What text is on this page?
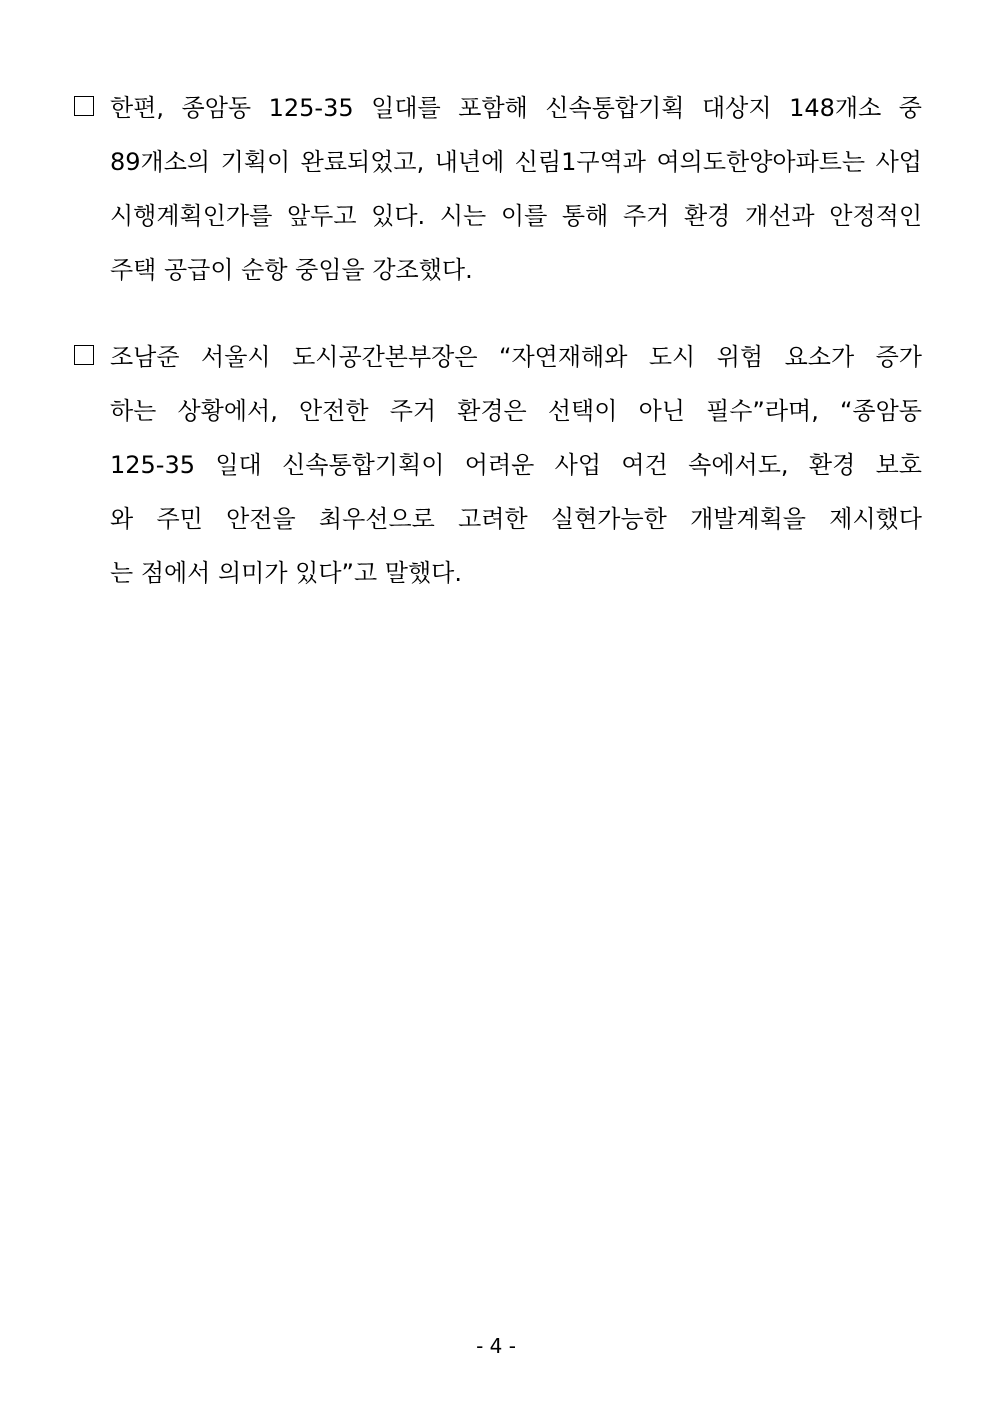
한편, 종암동 125-35 일대를 포함해 신속통합기획 대상지 148개소 중
89개소의 기획이 완료되었고, 내년에 신림1구역과 여의도한양아파트는 사업
시행계획인가를 앞두고 있다. 시는 이를 통해 주거 환경 개선과 안정적인
주택 공급이 순항 중임을 강조했다.
조남준 서울시 도시공간본부장은 “자연재해와 도시 위험 요소가 증가
하는 상황에서, 안전한 주거 환경은 선택이 아닌 필수”라며, “종암동
125-35 일대 신속통합기획이 어려운 사업 여건 속에서도, 환경 보호
와 주민 안전을 최우선으로 고려한 실현가능한 개발계획을 제시했다
는 점에서 의미가 있다”고 말했다.
- 4 -
